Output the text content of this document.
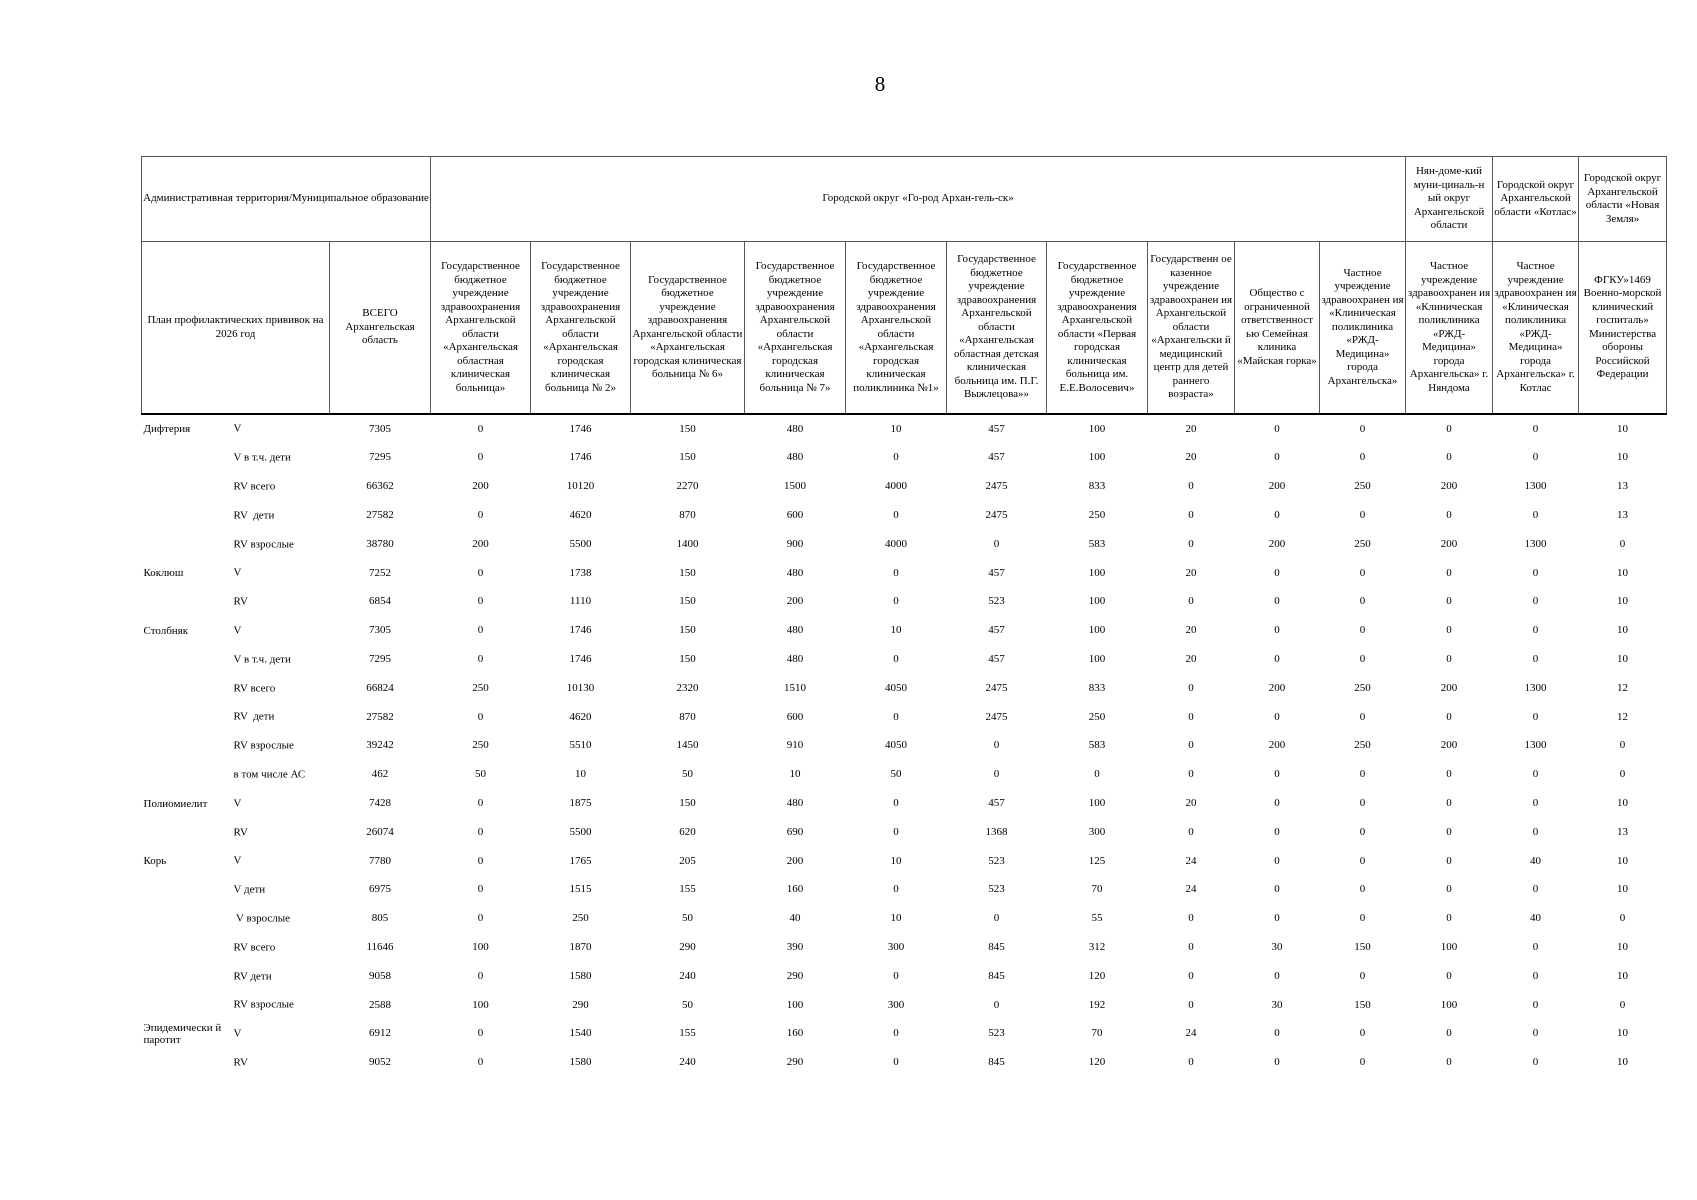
8
Административная территория/Муниципальное образование		Городской округ «Го-род Архан-гель-ск»										Нян-доме-кий муни-циналь-н ый округ Архангельской области	Городской округ Архангельской области «Котлас»	Городской округ Архангельской области «Новая Земля»
План профилактических прививок на 2026 год	ВСЕГО Архангельская область	Государственное бюджетное учреждение здравоохранения Архангельской области «Архангельская областная клиническая больница»	Государственное бюджетное учреждение здравоохранения Архангельской области «Архангельская городская клиническая больница № 2»	Государственное бюджетное учреждение здравоохранения Архангельской области «Архангельская городская клиническая больница № 6»	Государственное бюджетное учреждение здравоохранения Архангельской области «Архангельская городская клиническая больница № 7»	Государственное бюджетное учреждение здравоохранения Архангельской области «Архангельская городская клиническая поликлиника №1»	Государственное бюджетное учреждение здравоохранения Архангельской области «Архангельская областная детская клиническая больница им. П.Г. Выжлецова»»	Государственное бюджетное учреждение здравоохранения Архангельской области «Первая городская клиническая больница им. Е.Е.Волосевич»	Государственн ое казенное учреждение здравоохранен ия Архангельской области «Архангельски й медицинский центр для детей раннего возраста»	Общество с ограниченной ответственност ью Семейная клиника «Майская горка»	Частное учреждение здравоохранен ия «Клиническая поликлиника «РЖД-Медицина» города Архангельска»	Частное учреждение здравоохранен ия «Клиническая поликлиника «РЖД-Медицина» города Архангельска» г. Няндома	Частное учреждение здравоохранен ия «Клиническая поликлиника «РЖД-Медицина» города Архангельска» г. Котлас	ФГКУ»1469 Военно-морской клинический госпиталь» Министерства обороны Российской Федерации

Дифтерия V	7305	0	1746	150	480	10	457	100	20	0	0	0	0	10

V в т.ч. дети	7295	0	1746	150	480	0	457	100	20	0	0	0	0	10

RV всего	66362	200	10120	2270	1500	4000	2475	833	0	200	250	200	1300	13

RV  дети	27582	0	4620	870	600	0	2475	250	0	0	0	0	0	13

RV взрослые	38780	200	5500	1400	900	4000	0	583	0	200	250	200	1300	0

Коклюш V	7252	0	1738	150	480	0	457	100	20	0	0	0	0	10

RV	6854	0	1110	150	200	0	523	100	0	0	0	0	0	10

Столбняк V	7305	0	1746	150	480	10	457	100	20	0	0	0	0	10

V в т.ч. дети	7295	0	1746	150	480	0	457	100	20	0	0	0	0	10

RV всего	66824	250	10130	2320	1510	4050	2475	833	0	200	250	200	1300	12

RV  дети	27582	0	4620	870	600	0	2475	250	0	0	0	0	0	12

RV взрослые	39242	250	5510	1450	910	4050	0	583	0	200	250	200	1300	0

в том числе АС	462	50	10	50	10	50	0	0	0	0	0	0	0	0

Полиомиелит V	7428	0	1875	150	480	0	457	100	20	0	0	0	0	10

RV	26074	0	5500	620	690	0	1368	300	0	0	0	0	0	13

Корь V	7780	0	1765	205	200	10	523	125	24	0	0	0	40	10

V дети	6975	0	1515	155	160	0	523	70	24	0	0	0	0	10

V взрослые	805	0	250	50	40	10	0	55	0	0	0	0	40	0

RV всего	11646	100	1870	290	390	300	845	312	0	30	150	100	0	10

RV дети	9058	0	1580	240	290	0	845	120	0	0	0	0	0	10

RV взрослые	2588	100	290	50	100	300	0	192	0	30	150	100	0	0

Эпидемически й паротит
V	6912	0	1540	155	160	0	523	70	24	0	0	0	0	10

RV	9052	0	1580	240	290	0	845	120	0	0	0	0	0	10
